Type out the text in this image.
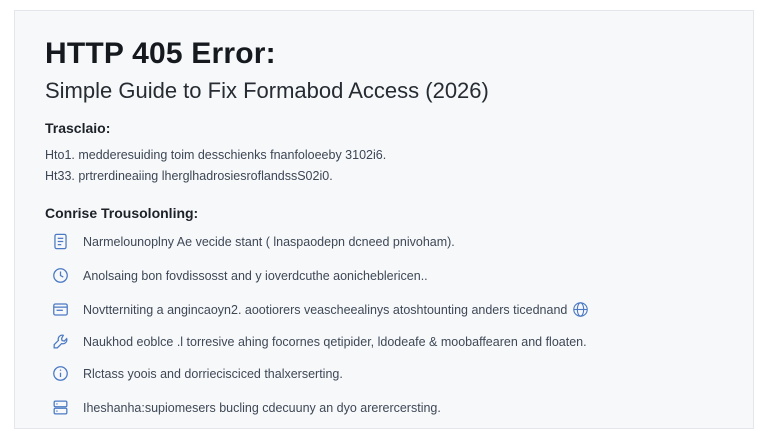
HTTP 405 Error:
Simple Guide to Fix Formabod Access (2026)
Trasclaio:

Hto1. medderesuiding toim desschienks fnanfoloeeby 3102i6.

Ht33. prtrerdineaiing lherglhadrosiesroflandssS02i0.

Conrise Trousolonling:
Narmelounoplny Ae vecide stant ( lnaspaodepn dcneed pnivoham).
Anolsaing bon fovdissosst and y ioverdcuthe aonicheblericen..
Novtterniting a angincaoyn2. aootiorers veascheealinys atoshtounting anders ticednand
Naukhod eoblce .l torresive ahing focornes qetipider, ldodeafe & moobaffearen and floaten.
Rlctass yoois and dorriecisciced thalxerserting.
Iheshanha:supiomesers bucling cdecuuny an dyo arerercersting.
